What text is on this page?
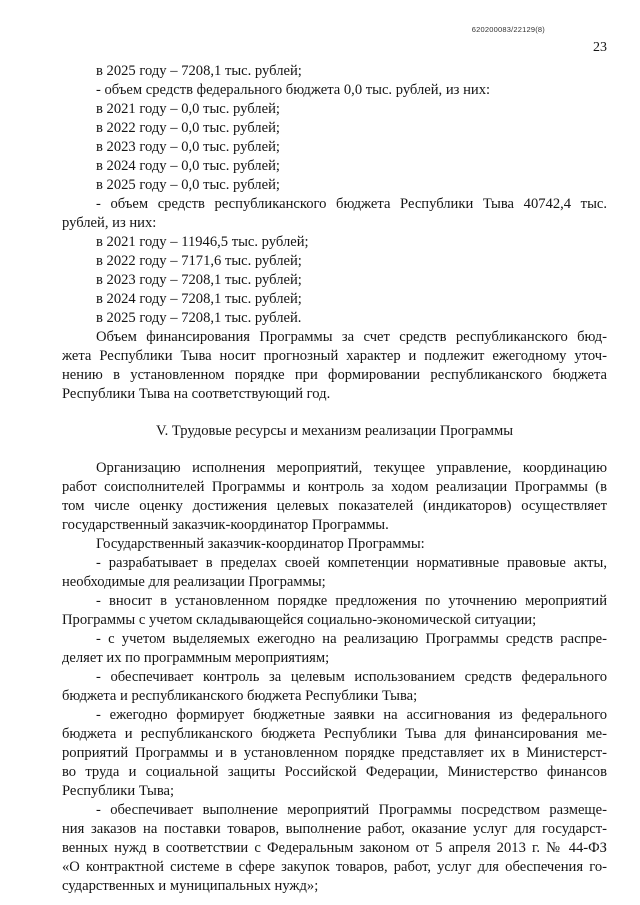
620200083/22129(8)
23
в 2025 году – 7208,1 тыс. рублей;
- объем средств федерального бюджета 0,0 тыс. рублей, из них:
в 2021 году – 0,0 тыс. рублей;
в 2022 году – 0,0 тыс. рублей;
в 2023 году – 0,0 тыс. рублей;
в 2024 году – 0,0 тыс. рублей;
в 2025 году – 0,0 тыс. рублей;
- объем средств республиканского бюджета Республики Тыва 40742,4 тыс.
рублей, из них:
в 2021 году – 11946,5 тыс. рублей;
в 2022 году – 7171,6 тыс. рублей;
в 2023 году – 7208,1 тыс. рублей;
в 2024 году – 7208,1 тыс. рублей;
в 2025 году – 7208,1 тыс. рублей.
Объем финансирования Программы за счет средств республиканского бюд-
жета Республики Тыва носит прогнозный характер и подлежит ежегодному уточ-
нению в установленном порядке при формировании республиканского бюджета
Республики Тыва на соответствующий год.
V. Трудовые ресурсы и механизм реализации Программы
Организацию исполнения мероприятий, текущее управление, координацию
работ соисполнителей Программы и контроль за ходом реализации Программы (в
том числе оценку достижения целевых показателей (индикаторов) осуществляет
государственный заказчик-координатор Программы.
Государственный заказчик-координатор Программы:
- разрабатывает в пределах своей компетенции нормативные правовые акты,
необходимые для реализации Программы;
- вносит в установленном порядке предложения по уточнению мероприятий
Программы с учетом складывающейся социально-экономической ситуации;
- с учетом выделяемых ежегодно на реализацию Программы средств распре-
деляет их по программным мероприятиям;
- обеспечивает контроль за целевым использованием средств федерального
бюджета и республиканского бюджета Республики Тыва;
- ежегодно формирует бюджетные заявки на ассигнования из федерального
бюджета и республиканского бюджета Республики Тыва для финансирования ме-
роприятий Программы и в установленном порядке представляет их в Министерст-
во труда и социальной защиты Российской Федерации, Министерство финансов
Республики Тыва;
- обеспечивает выполнение мероприятий Программы посредством размеще-
ния заказов на поставки товаров, выполнение работ, оказание услуг для государст-
венных нужд в соответствии с Федеральным законом от 5 апреля 2013 г. № 44-ФЗ
«О контрактной системе в сфере закупок товаров, работ, услуг для обеспечения го-
сударственных и муниципальных нужд»;
